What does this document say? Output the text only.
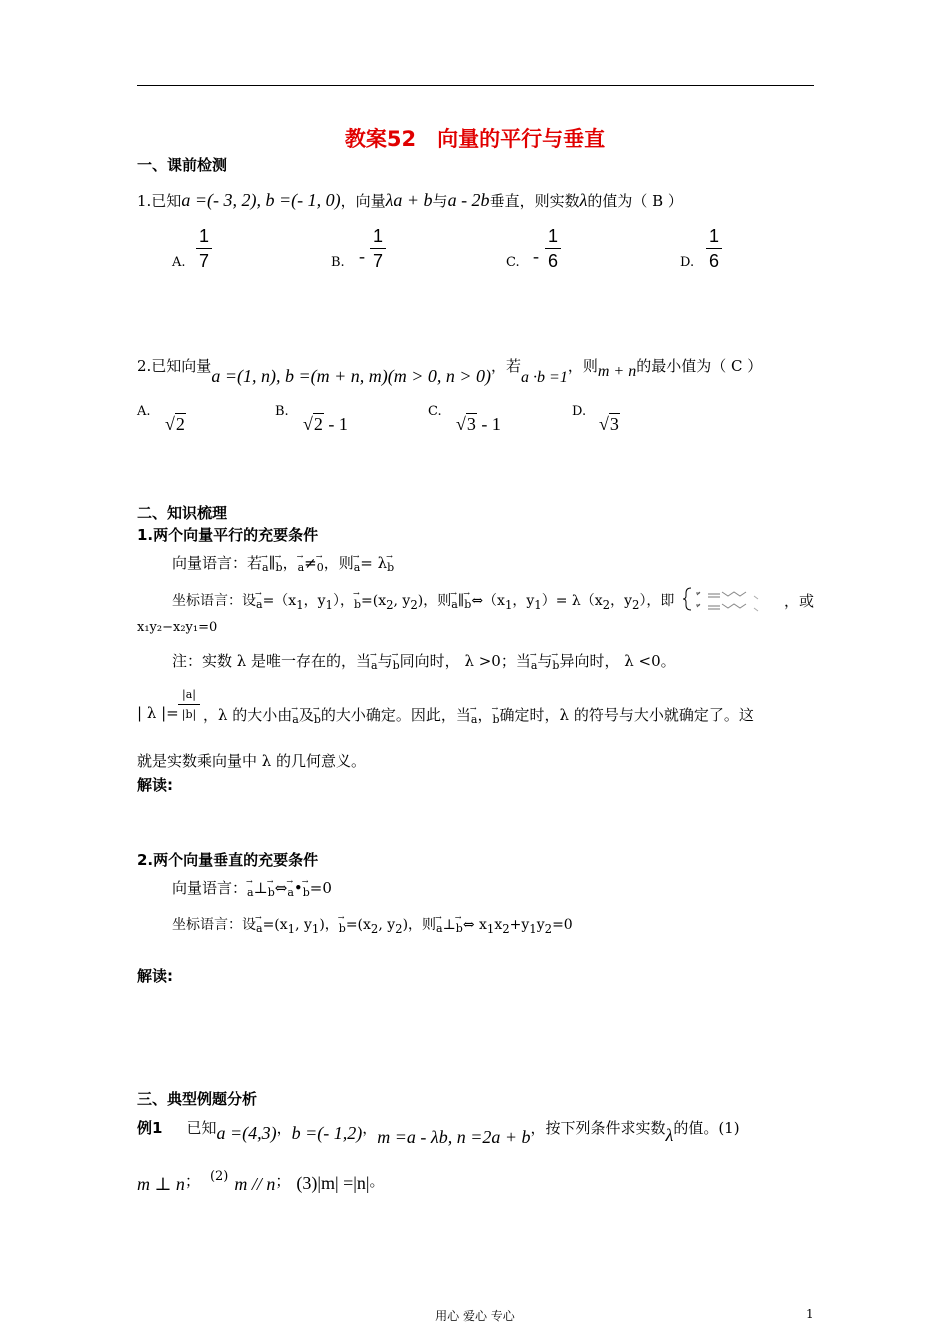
教案52　向量的平行与垂直
一、课前检测
1.已知a =(- 3, 2), b =(- 1, 0)，向量λa + b与a - 2b垂直，则实数λ的值为（ B ）
A.
1
7	B. -
1
7	C. -
1
6	D.
1
6
2.已知向量a =(1, n), b =(m + n, m)(m > 0, n > 0)，若a ·b =1，则m + n的最小值为（ C ）
A.
√2
B.
√2 - 1
C.
√3 - 1
D.
√3
二、知识梳理
1.两个向量平行的充要条件
向量语言：若→ a∥→ b，→ a≠→ 0，则→ a= λ→ b
坐标语言：设→ $a=(x_1$，$y_1$），→ $b=(x_2$, $y_2$)，则→ a∥→ $b\Leftrightarrow(x_1$，$y_1)= \lambda(x_2$，$y_2$），即	，或
x₁y₂−x₂y₁=0
注：实数 λ 是唯一存在的，当→ a与→ b同向时， λ >0；当→ a与→ b异向时， λ <0。
| λ |= $\frac{|a|}{|b|}$ ，λ 的大小由→ a及→ b的大小确定。因此，当→ a，→ b确定时，λ 的符号与大小就确定了。这
就是实数乘向量中 λ 的几何意义。
解读:
2.两个向量垂直的充要条件
向量语言：→ a⊥→ b⇔→ a•→ b=0
坐标语言：设→ $a=(x_1$, $y_1$)，→ $b=(x_2$, $y_2$)，则→ a⊥→ b⇔ $x_1x_2+y_1y_2=0$
解读:
三、典型例题分析
例1 已知a =(4,3)，b =(- 1,2)，m =a - λb, n =2a + b，按下列条件求实数λ的值。(1)
m ⊥ n； (2) m // n； (3)|m| =|n|。
用心 爱心 专心	1
